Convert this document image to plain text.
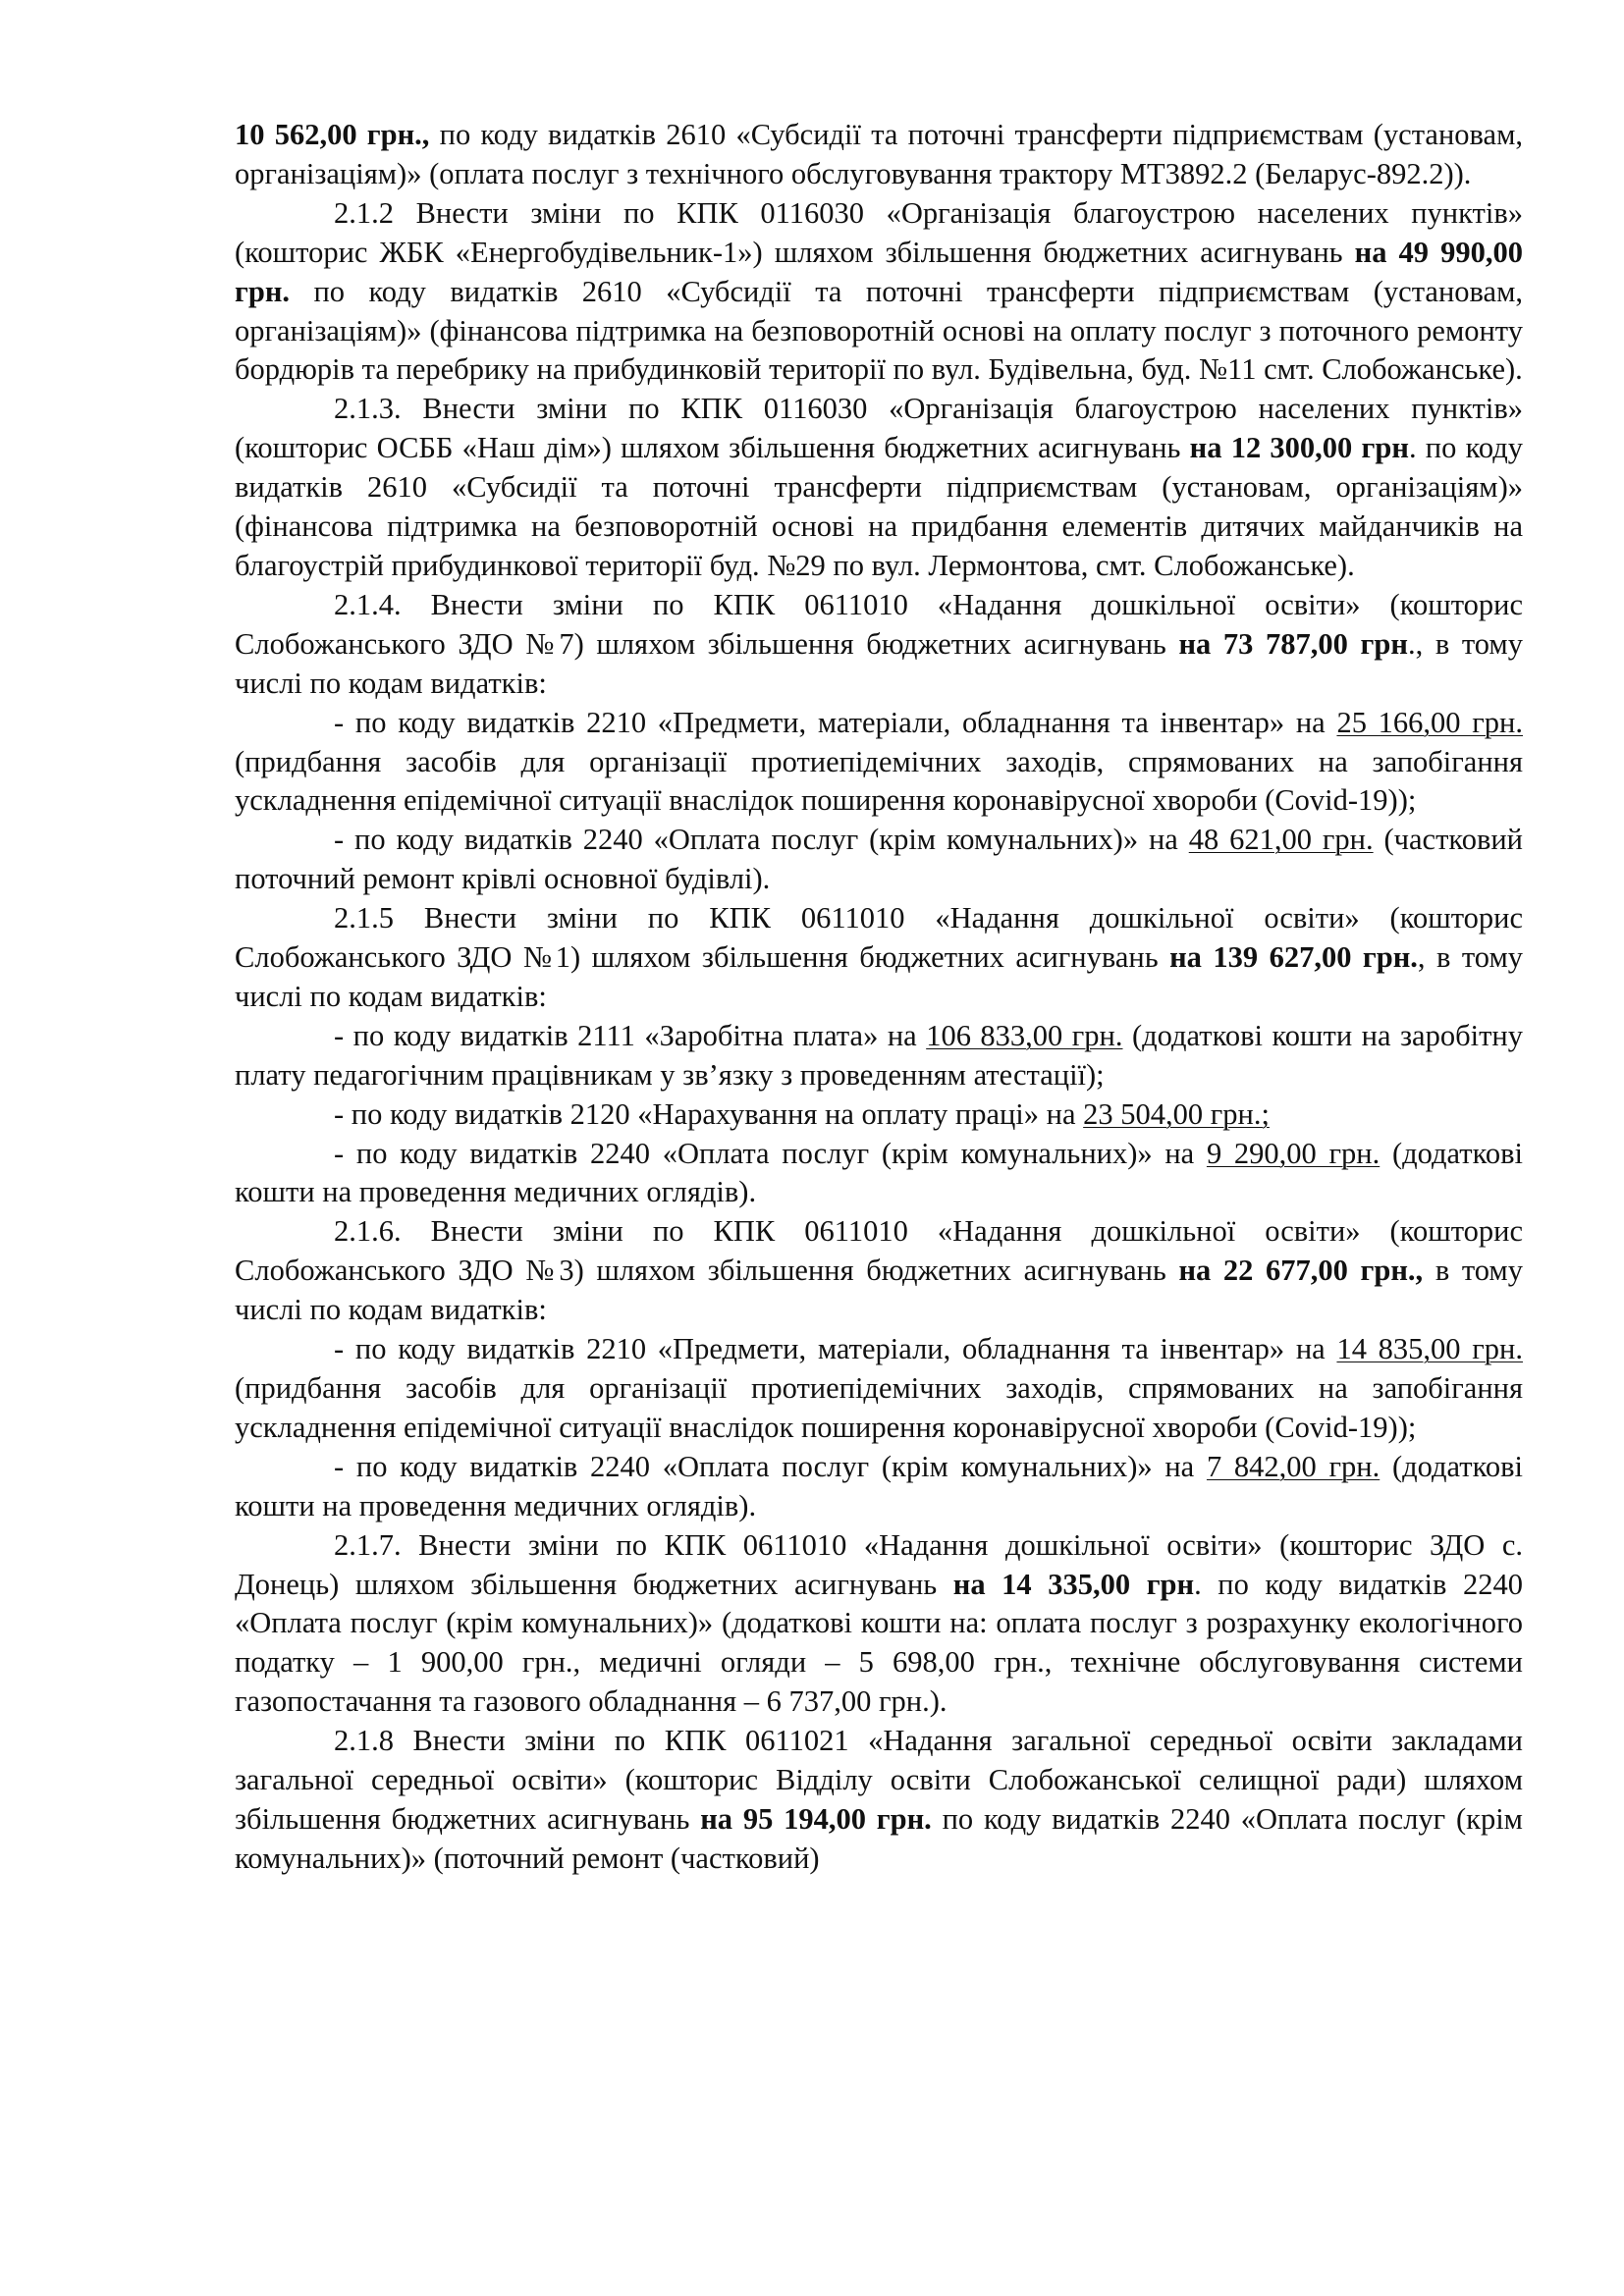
10 562,00 грн., по коду видатків 2610 «Субсидії та поточні трансферти підприємствам (установам, організаціям)» (оплата послуг з технічного обслуговування трактору МТ3892.2 (Беларус-892.2)).

2.1.2 Внести зміни по КПК 0116030 «Організація благоустрою населених пунктів» (кошторис ЖБК «Енергобудівельник-1») шляхом збільшення бюджетних асигнувань на 49 990,00 грн. по коду видатків 2610 «Субсидії та поточні трансферти підприємствам (установам, організаціям)» (фінансова підтримка на безповоротній основі на оплату послуг з поточного ремонту бордюрів та перебрику на прибудинковій території по вул. Будівельна, буд. №11 смт. Слобожанське).

2.1.3. Внести зміни по КПК 0116030 «Організація благоустрою населених пунктів» (кошторис ОСББ «Наш дім») шляхом збільшення бюджетних асигнувань на 12 300,00 грн. по коду видатків 2610 «Субсидії та поточні трансферти підприємствам (установам, організаціям)» (фінансова підтримка на безповоротній основі на придбання елементів дитячих майданчиків на благоустрій прибудинкової території буд. №29 по вул. Лермонтова, смт. Слобожанське).

2.1.4. Внести зміни по КПК 0611010 «Надання дошкільної освіти» (кошторис Слобожанського ЗДО №7) шляхом збільшення бюджетних асигнувань на 73 787,00 грн., в тому числі по кодам видатків:

- по коду видатків 2210 «Предмети, матеріали, обладнання та інвентар» на 25 166,00 грн. (придбання засобів для організації протиепідемічних заходів, спрямованих на запобігання ускладнення епідемічної ситуації внаслідок поширення коронавірусної хвороби (Covid-19));

- по коду видатків 2240 «Оплата послуг (крім комунальних)» на 48 621,00 грн. (частковий поточний ремонт крівлі основної будівлі).

2.1.5 Внести зміни по КПК 0611010 «Надання дошкільної освіти» (кошторис Слобожанського ЗДО №1) шляхом збільшення бюджетних асигнувань на 139 627,00 грн., в тому числі по кодам видатків:

- по коду видатків 2111 «Заробітна плата» на 106 833,00 грн. (додаткові кошти на заробітну плату педагогічним працівникам у зв’язку з проведенням атестації);

- по коду видатків 2120 «Нарахування на оплату праці» на 23 504,00 грн.;

- по коду видатків 2240 «Оплата послуг (крім комунальних)» на 9 290,00 грн. (додаткові кошти на проведення медичних оглядів).

2.1.6. Внести зміни по КПК 0611010 «Надання дошкільної освіти» (кошторис Слобожанського ЗДО №3) шляхом збільшення бюджетних асигнувань на 22 677,00 грн., в тому числі по кодам видатків:

- по коду видатків 2210 «Предмети, матеріали, обладнання та інвентар» на 14 835,00 грн. (придбання засобів для організації протиепідемічних заходів, спрямованих на запобігання ускладнення епідемічної ситуації внаслідок поширення коронавірусної хвороби (Covid-19));

- по коду видатків 2240 «Оплата послуг (крім комунальних)» на 7 842,00 грн. (додаткові кошти на проведення медичних оглядів).

2.1.7. Внести зміни по КПК 0611010 «Надання дошкільної освіти» (кошторис ЗДО с. Донець) шляхом збільшення бюджетних асигнувань на 14 335,00 грн. по коду видатків 2240 «Оплата послуг (крім комунальних)» (додаткові кошти на: оплата послуг з розрахунку екологічного податку – 1 900,00 грн., медичні огляди – 5 698,00 грн., технічне обслуговування системи газопостачання та газового обладнання – 6 737,00 грн.).

2.1.8 Внести зміни по КПК 0611021 «Надання загальної середньої освіти закладами загальної середньої освіти» (кошторис Відділу освіти Слобожанської селищної ради) шляхом збільшення бюджетних асигнувань на 95 194,00 грн. по коду видатків 2240 «Оплата послуг (крім комунальних)» (поточний ремонт (частковий)
